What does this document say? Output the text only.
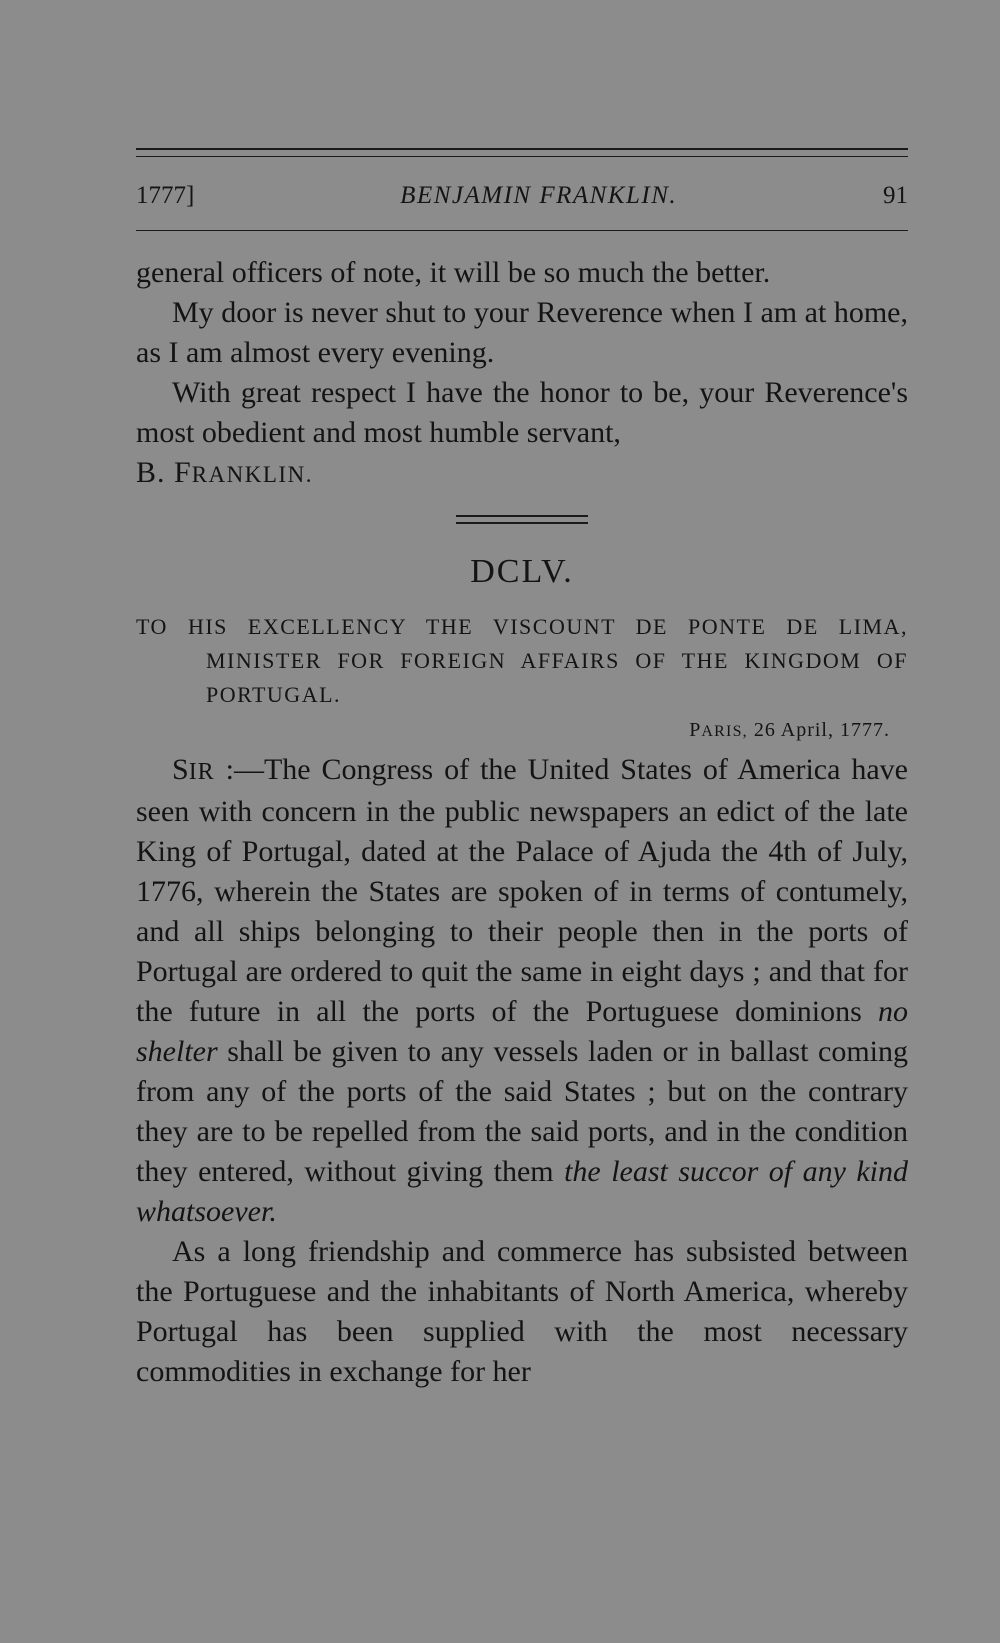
1777]	BENJAMIN FRANKLIN.	91

general officers of note, it will be so much the better.

My door is never shut to your Reverence when I am at home, as I am almost every evening.

With great respect I have the honor to be, your Reverence's most obedient and most humble servant,

B. FRANKLIN.

DCLV.
TO HIS EXCELLENCY THE VISCOUNT DE PONTE DE LIMA, MINISTER FOR FOREIGN AFFAIRS OF THE KINGDOM OF PORTUGAL.
PARIS, 26 April, 1777.

SIR :—The Congress of the United States of America have seen with concern in the public newspapers an edict of the late King of Portugal, dated at the Palace of Ajuda the 4th of July, 1776, wherein the States are spoken of in terms of contumely, and all ships belonging to their people then in the ports of Portugal are ordered to quit the same in eight days ; and that for the future in all the ports of the Portuguese dominions no shelter shall be given to any vessels laden or in ballast coming from any of the ports of the said States ; but on the contrary they are to be repelled from the said ports, and in the condition they entered, without giving them the least succor of any kind whatsoever.

As a long friendship and commerce has subsisted between the Portuguese and the inhabitants of North America, whereby Portugal has been supplied with the most necessary commodities in exchange for her
